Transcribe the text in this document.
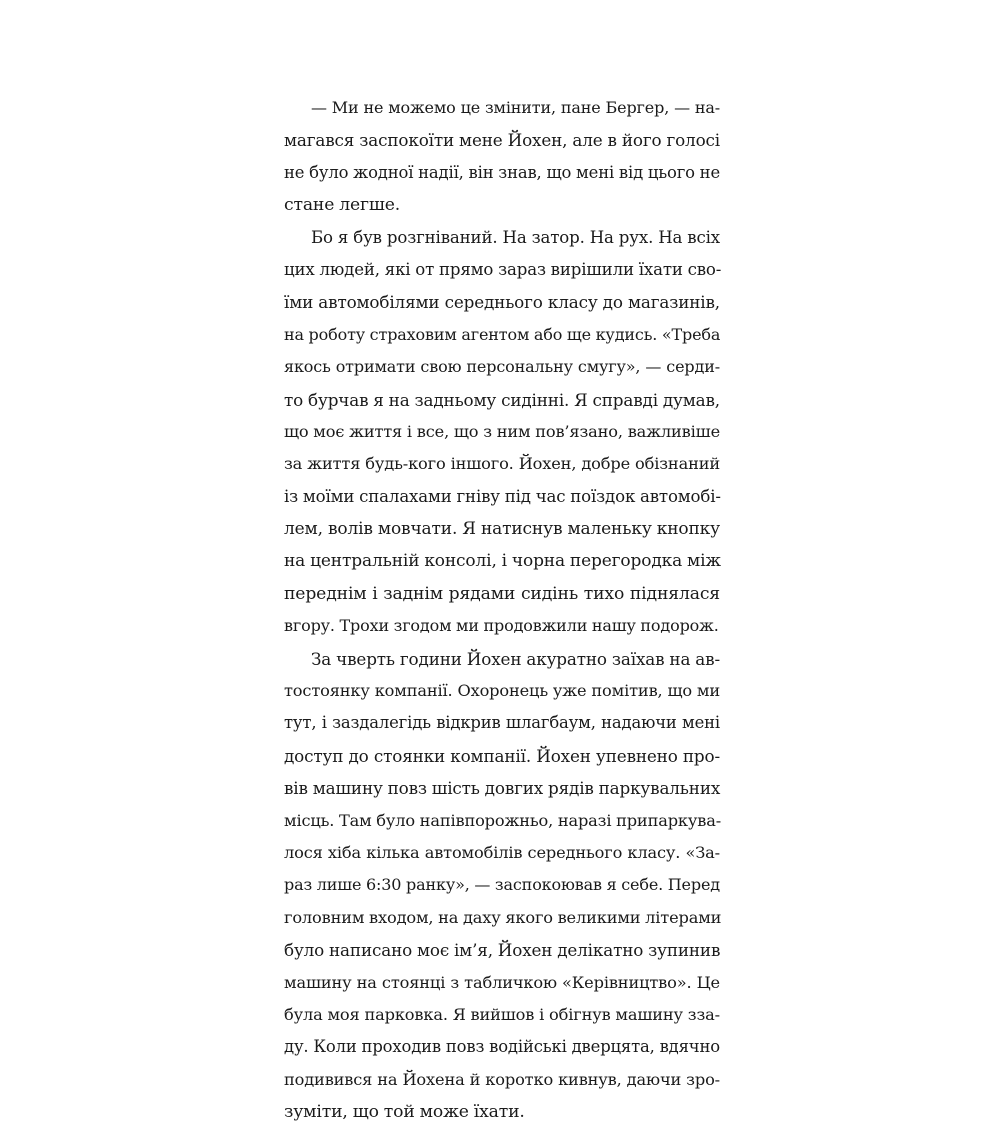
— Ми не можемо це змінити, пане Бергер, — на-
магався заспокоїти мене Йохен, але в його голосі
не було жодної надії, він знав, що мені від цього не
стане легше.
Бо я був розгніваний. На затор. На рух. На всіх
цих людей, які от прямо зараз вирішили їхати сво-
їми автомобілями середнього класу до магазинів,
на роботу страховим агентом або ще кудись. «Треба
якось отримати свою персональну смугу», — серди-
то бурчав я на задньому сидінні. Я справді думав,
що моє життя і все, що з ним пов’язано, важливіше
за життя будь-кого іншого. Йохен, добре обізнаний
із моїми спалахами гніву під час поїздок автомобі-
лем, волів мовчати. Я натиснув маленьку кнопку
на центральній консолі, і чорна перегородка між
переднім і заднім рядами сидінь тихо піднялася
вгору. Трохи згодом ми продовжили нашу подорож.
За чверть години Йохен акуратно заїхав на ав-
тостоянку компанії. Охоронець уже помітив, що ми
тут, і заздалегідь відкрив шлагбаум, надаючи мені
доступ до стоянки компанії. Йохен упевнено про-
вів машину повз шість довгих рядів паркувальних
місць. Там було напівпорожньо, наразі припаркува-
лося хіба кілька автомобілів середнього класу. «За-
раз лише 6:30 ранку», — заспокоював я себе. Перед
головним входом, на даху якого великими літерами
було написано моє ім’я, Йохен делікатно зупинив
машину на стоянці з табличкою «Керівництво». Це
була моя парковка. Я вийшов і обігнув машину зза-
ду. Коли проходив повз водійські дверцята, вдячно
подивився на Йохена й коротко кивнув, даючи зро-
зуміти, що той може їхати.
